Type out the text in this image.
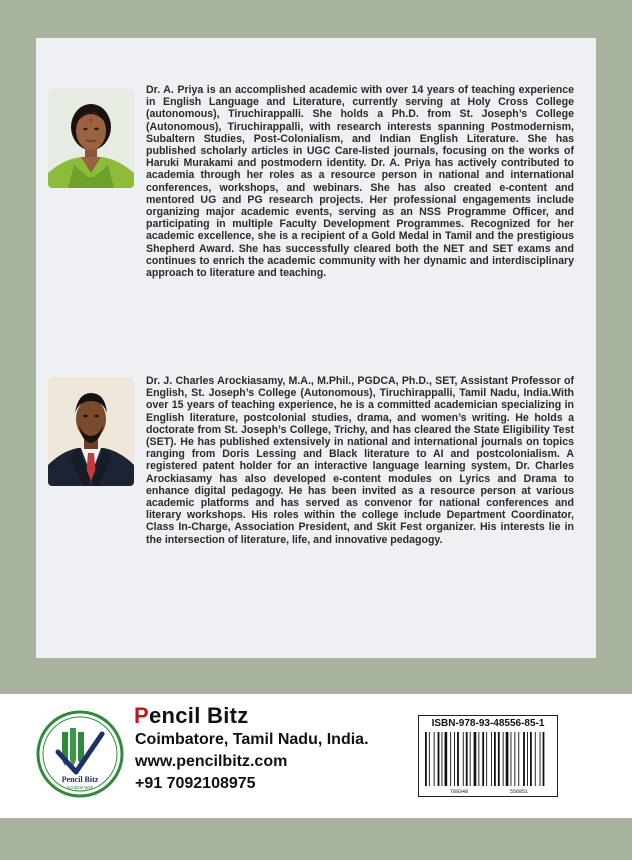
Dr. A. Priya is an accomplished academic with over 14 years of teaching experience in English Language and Literature, currently serving at Holy Cross College (autonomous), Tiruchirappalli. She holds a Ph.D. from St. Joseph’s College (Autonomous), Tiruchirappalli, with research interests spanning Postmodernism, Subaltern Studies, Post-Colonialism, and Indian English Literature. She has published scholarly articles in UGC Care-listed journals, focusing on the works of Haruki Murakami and postmodern identity. Dr. A. Priya has actively contributed to academia through her roles as a resource person in national and international conferences, workshops, and webinars. She has also created e-content and mentored UG and PG research projects. Her professional engagements include organizing major academic events, serving as an NSS Programme Officer, and participating in multiple Faculty Development Programmes. Recognized for her academic excellence, she is a recipient of a Gold Medal in Tamil and the prestigious Shepherd Award. She has successfully cleared both the NET and SET exams and continues to enrich the academic community with her dynamic and interdisciplinary approach to literature and teaching.

Dr. J. Charles Arockiasamy, M.A., M.Phil., PGDCA, Ph.D., SET, Assistant Professor of English, St. Joseph’s College (Autonomous), Tiruchirappalli, Tamil Nadu, India.With over 15 years of teaching experience, he is a committed academician specializing in English literature, postcolonial studies, drama, and women’s writing. He holds a doctorate from St. Joseph’s College, Trichy, and has cleared the State Eligibility Test (SET). He has published extensively in national and international journals on topics ranging from Doris Lessing and Black literature to AI and postcolonialism. A registered patent holder for an interactive language learning system, Dr. Charles Arockiasamy has also developed e-content modules on Lyrics and Drama to enhance digital pedagogy. He has been invited as a resource person at various academic platforms and has served as convenor for national conferences and literary workshops. His roles within the college include Department Coordinator, Class In-Charge, Association President, and Skit Fest organizer. His interests lie in the intersection of literature, life, and innovative pedagogy.

Pencil Bitz
Scribble Well
Pencil Bitz
Coimbatore, Tamil Nadu, India.
www.pencilbitz.com
+91 7092108975
ISBN-978-93-48556-85-1
789348	556851
